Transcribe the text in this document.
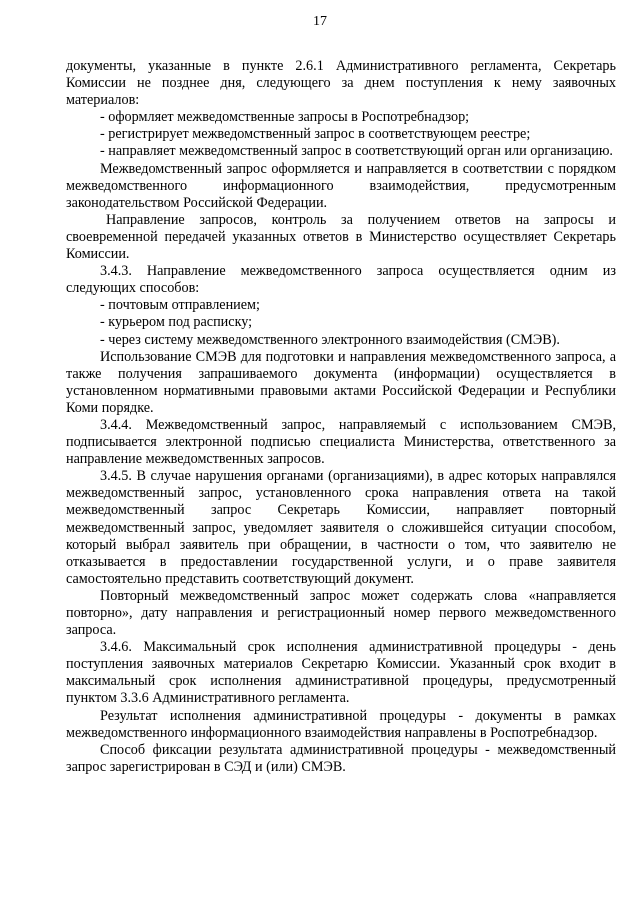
17

документы, указанные в пункте 2.6.1 Административного регламента, Секретарь Комиссии не позднее дня, следующего за днем поступления к нему заявочных материалов:

- оформляет межведомственные запросы в Роспотребнадзор;

- регистрирует межведомственный запрос в соответствующем реестре;

- направляет межведомственный запрос в соответствующий орган или организацию.

Межведомственный запрос оформляется и направляется в соответствии с порядком межведомственного информационного взаимодействия, предусмотренным законодательством Российской Федерации.

Направление запросов, контроль за получением ответов на запросы и своевременной передачей указанных ответов в Министерство осуществляет Секретарь Комиссии.

3.4.3. Направление межведомственного запроса осуществляется одним из следующих способов:

- почтовым отправлением;

- курьером под расписку;

- через систему межведомственного электронного взаимодействия (СМЭВ).

Использование СМЭВ для подготовки и направления межведомственного запроса, а также получения запрашиваемого документа (информации) осуществляется в установленном нормативными правовыми актами Российской Федерации и Республики Коми порядке.

3.4.4. Межведомственный запрос, направляемый с использованием СМЭВ, подписывается электронной подписью специалиста Министерства, ответственного за направление межведомственных запросов.

3.4.5. В случае нарушения органами (организациями), в адрес которых направлялся межведомственный запрос, установленного срока направления ответа на такой межведомственный запрос Секретарь Комиссии, направляет повторный межведомственный запрос, уведомляет заявителя о сложившейся ситуации способом, который выбрал заявитель при обращении, в частности о том, что заявителю не отказывается в предоставлении государственной услуги, и о праве заявителя самостоятельно представить соответствующий документ.

Повторный межведомственный запрос может содержать слова «направляется повторно», дату направления и регистрационный номер первого межведомственного запроса.

3.4.6. Максимальный срок исполнения административной процедуры - день поступления заявочных материалов Секретарю Комиссии. Указанный срок входит в максимальный срок исполнения административной процедуры, предусмотренный пунктом 3.3.6 Административного регламента.

Результат исполнения административной процедуры - документы в рамках межведомственного информационного взаимодействия направлены в Роспотребнадзор.

Способ фиксации результата административной процедуры - межведомственный запрос зарегистрирован в СЭД и (или) СМЭВ.
